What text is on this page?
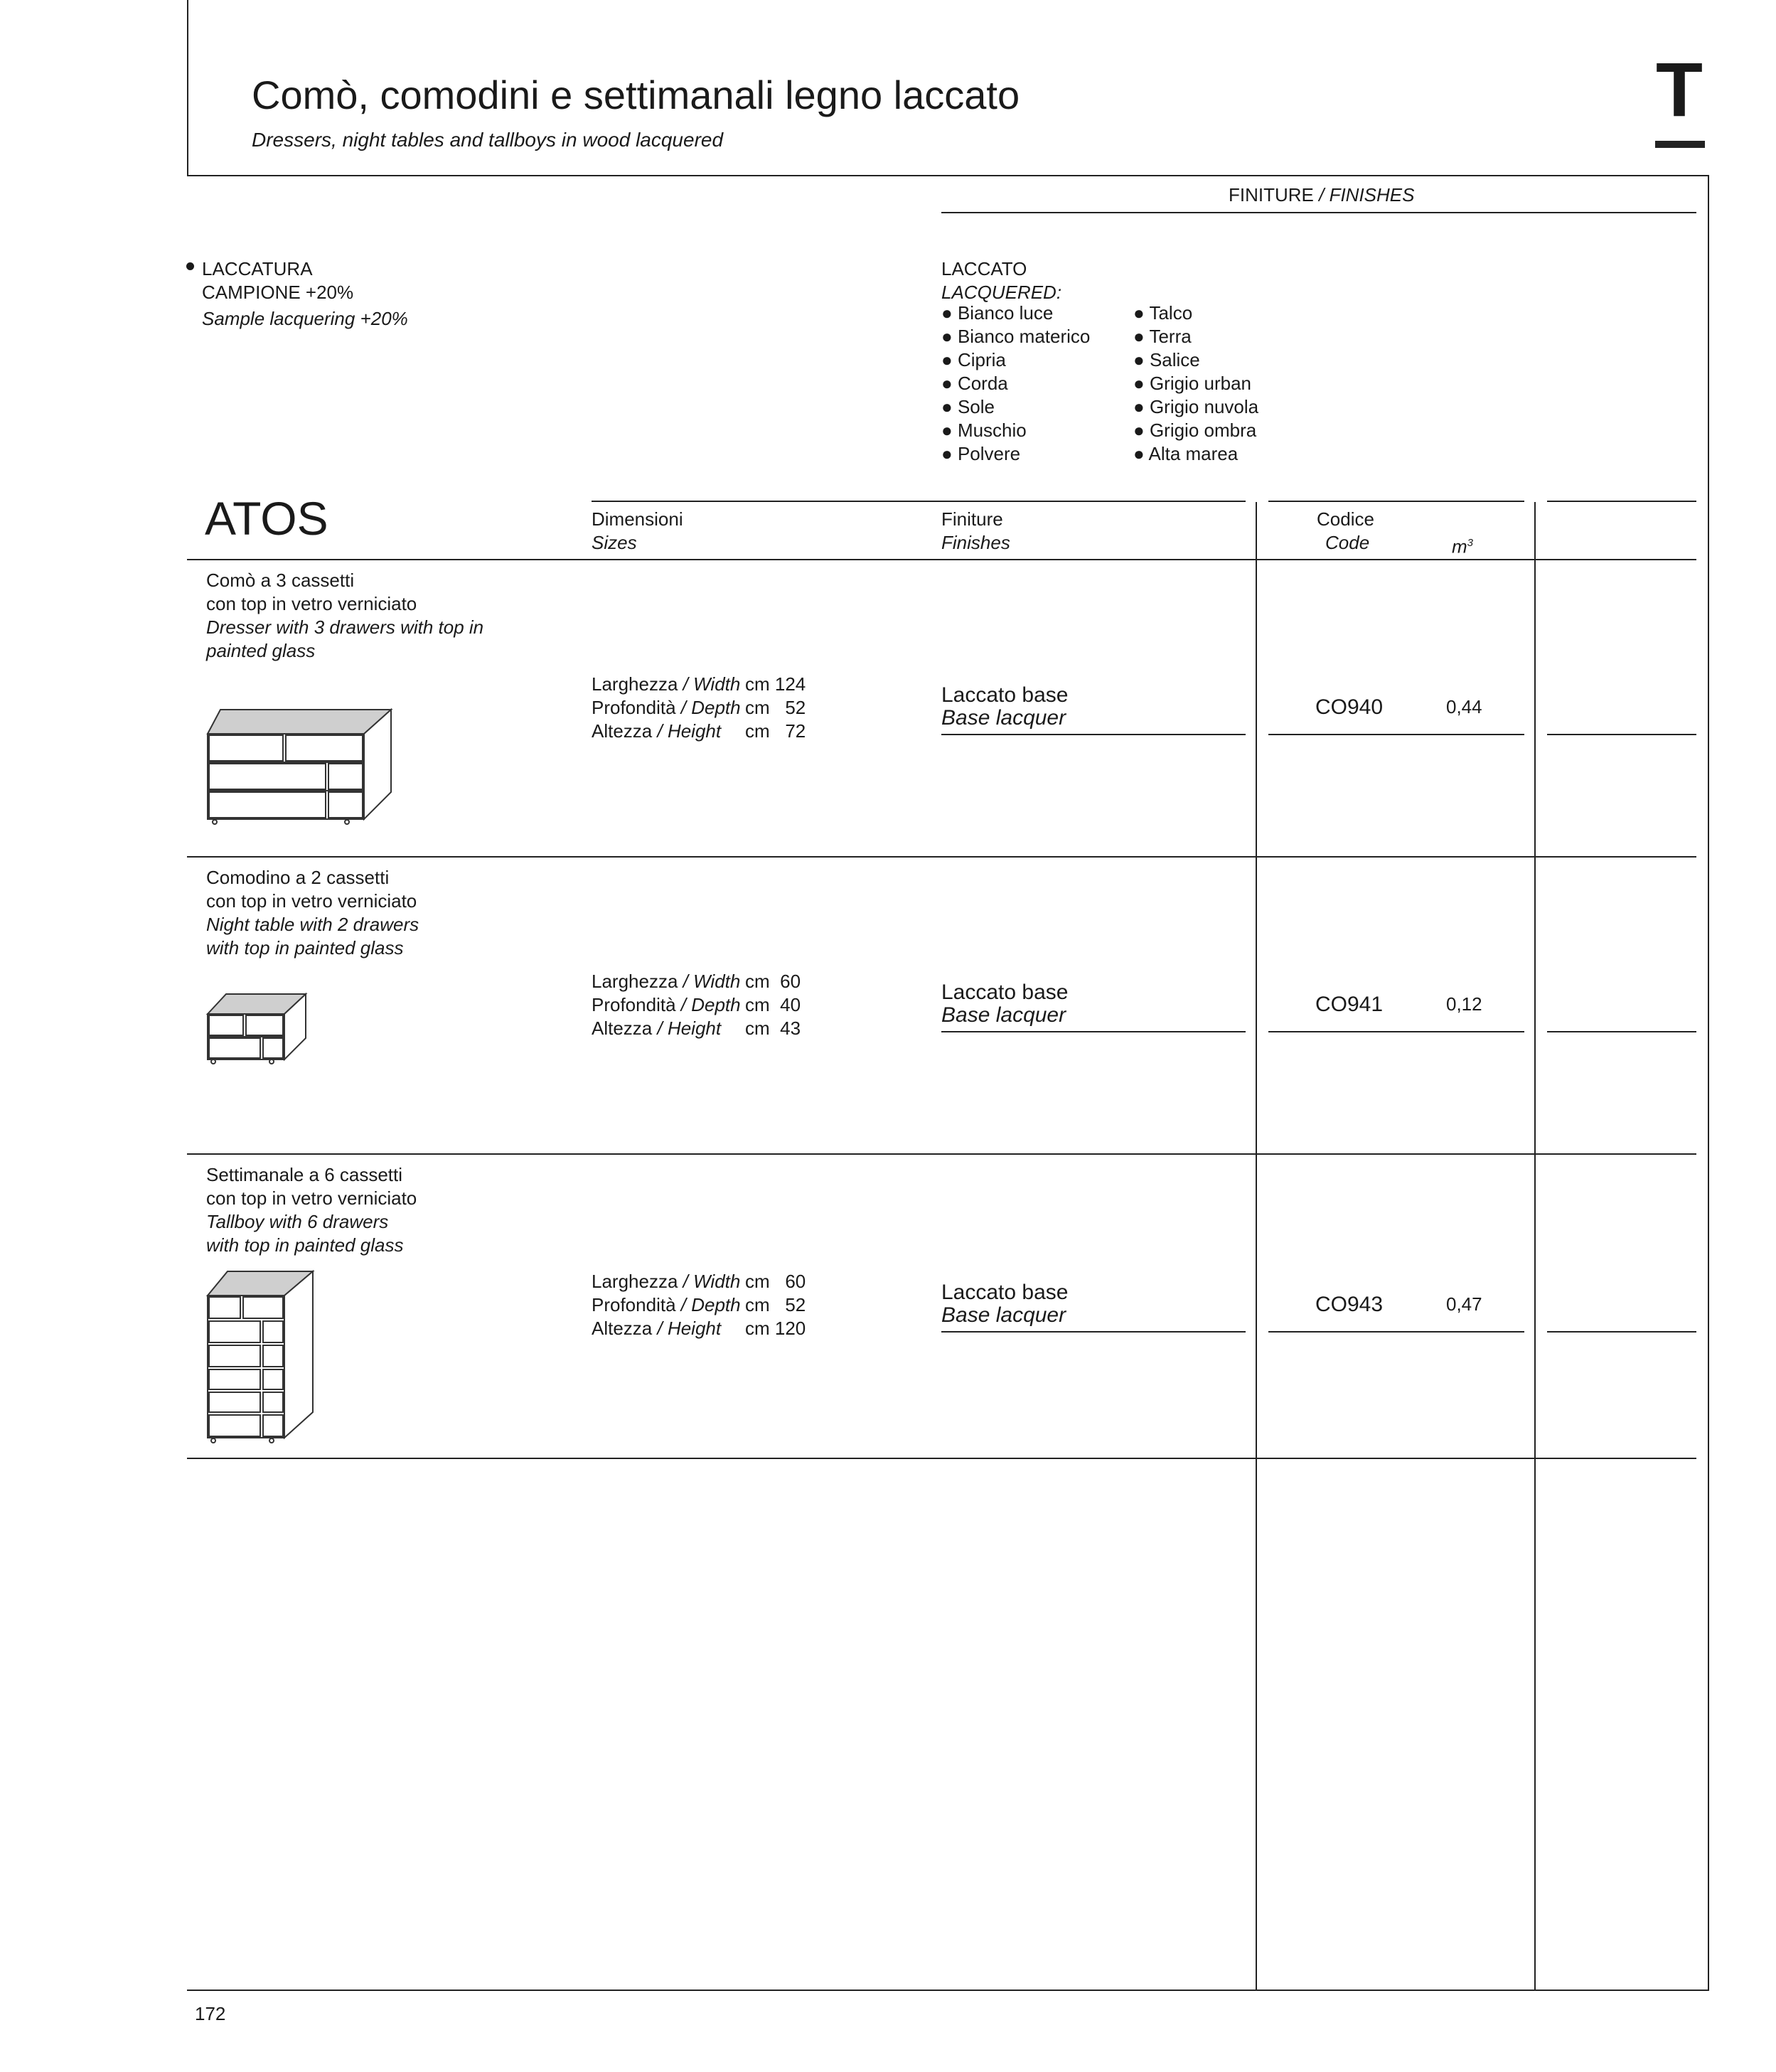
Comò, comodini e settimanali legno laccato
Dressers, night tables and tallboys in wood lacquered
T
FINITURE / FINISHES
LACCATURA
CAMPIONE +20%
Sample lacquering +20%
LACCATO
LACQUERED:
● Bianco luce
● Bianco materico
● Cipria
● Corda
● Sole
● Muschio
● Polvere
● Talco
● Terra
● Salice
● Grigio urban
● Grigio nuvola
● Grigio ombra
● Alta marea
ATOS	Dimensioni
Sizes
Finiture
Finishes
Codice
Code	$m^3$
Comò a 3 cassetti
con top in vetro verniciato
Dresser with 3 drawers with top in
painted glass
Larghezza / Width cm 124
Profondità / Depth cm   52
Altezza / Height cm   72
Laccato base
Base lacquer	CO940	0,44
Comodino a 2 cassetti
con top in vetro verniciato
Night table with 2 drawers
with top in painted glass
Larghezza / Width cm  60
Profondità / Depth cm  40
Altezza / Height cm  43
Laccato base
Base lacquer	CO941	0,12
Settimanale a 6 cassetti
con top in vetro verniciato
Tallboy with 6 drawers
with top in painted glass
Larghezza / Width cm   60
Profondità / Depth cm   52
Altezza / Height cm 120
Laccato base
Base lacquer	CO943	0,47
172
